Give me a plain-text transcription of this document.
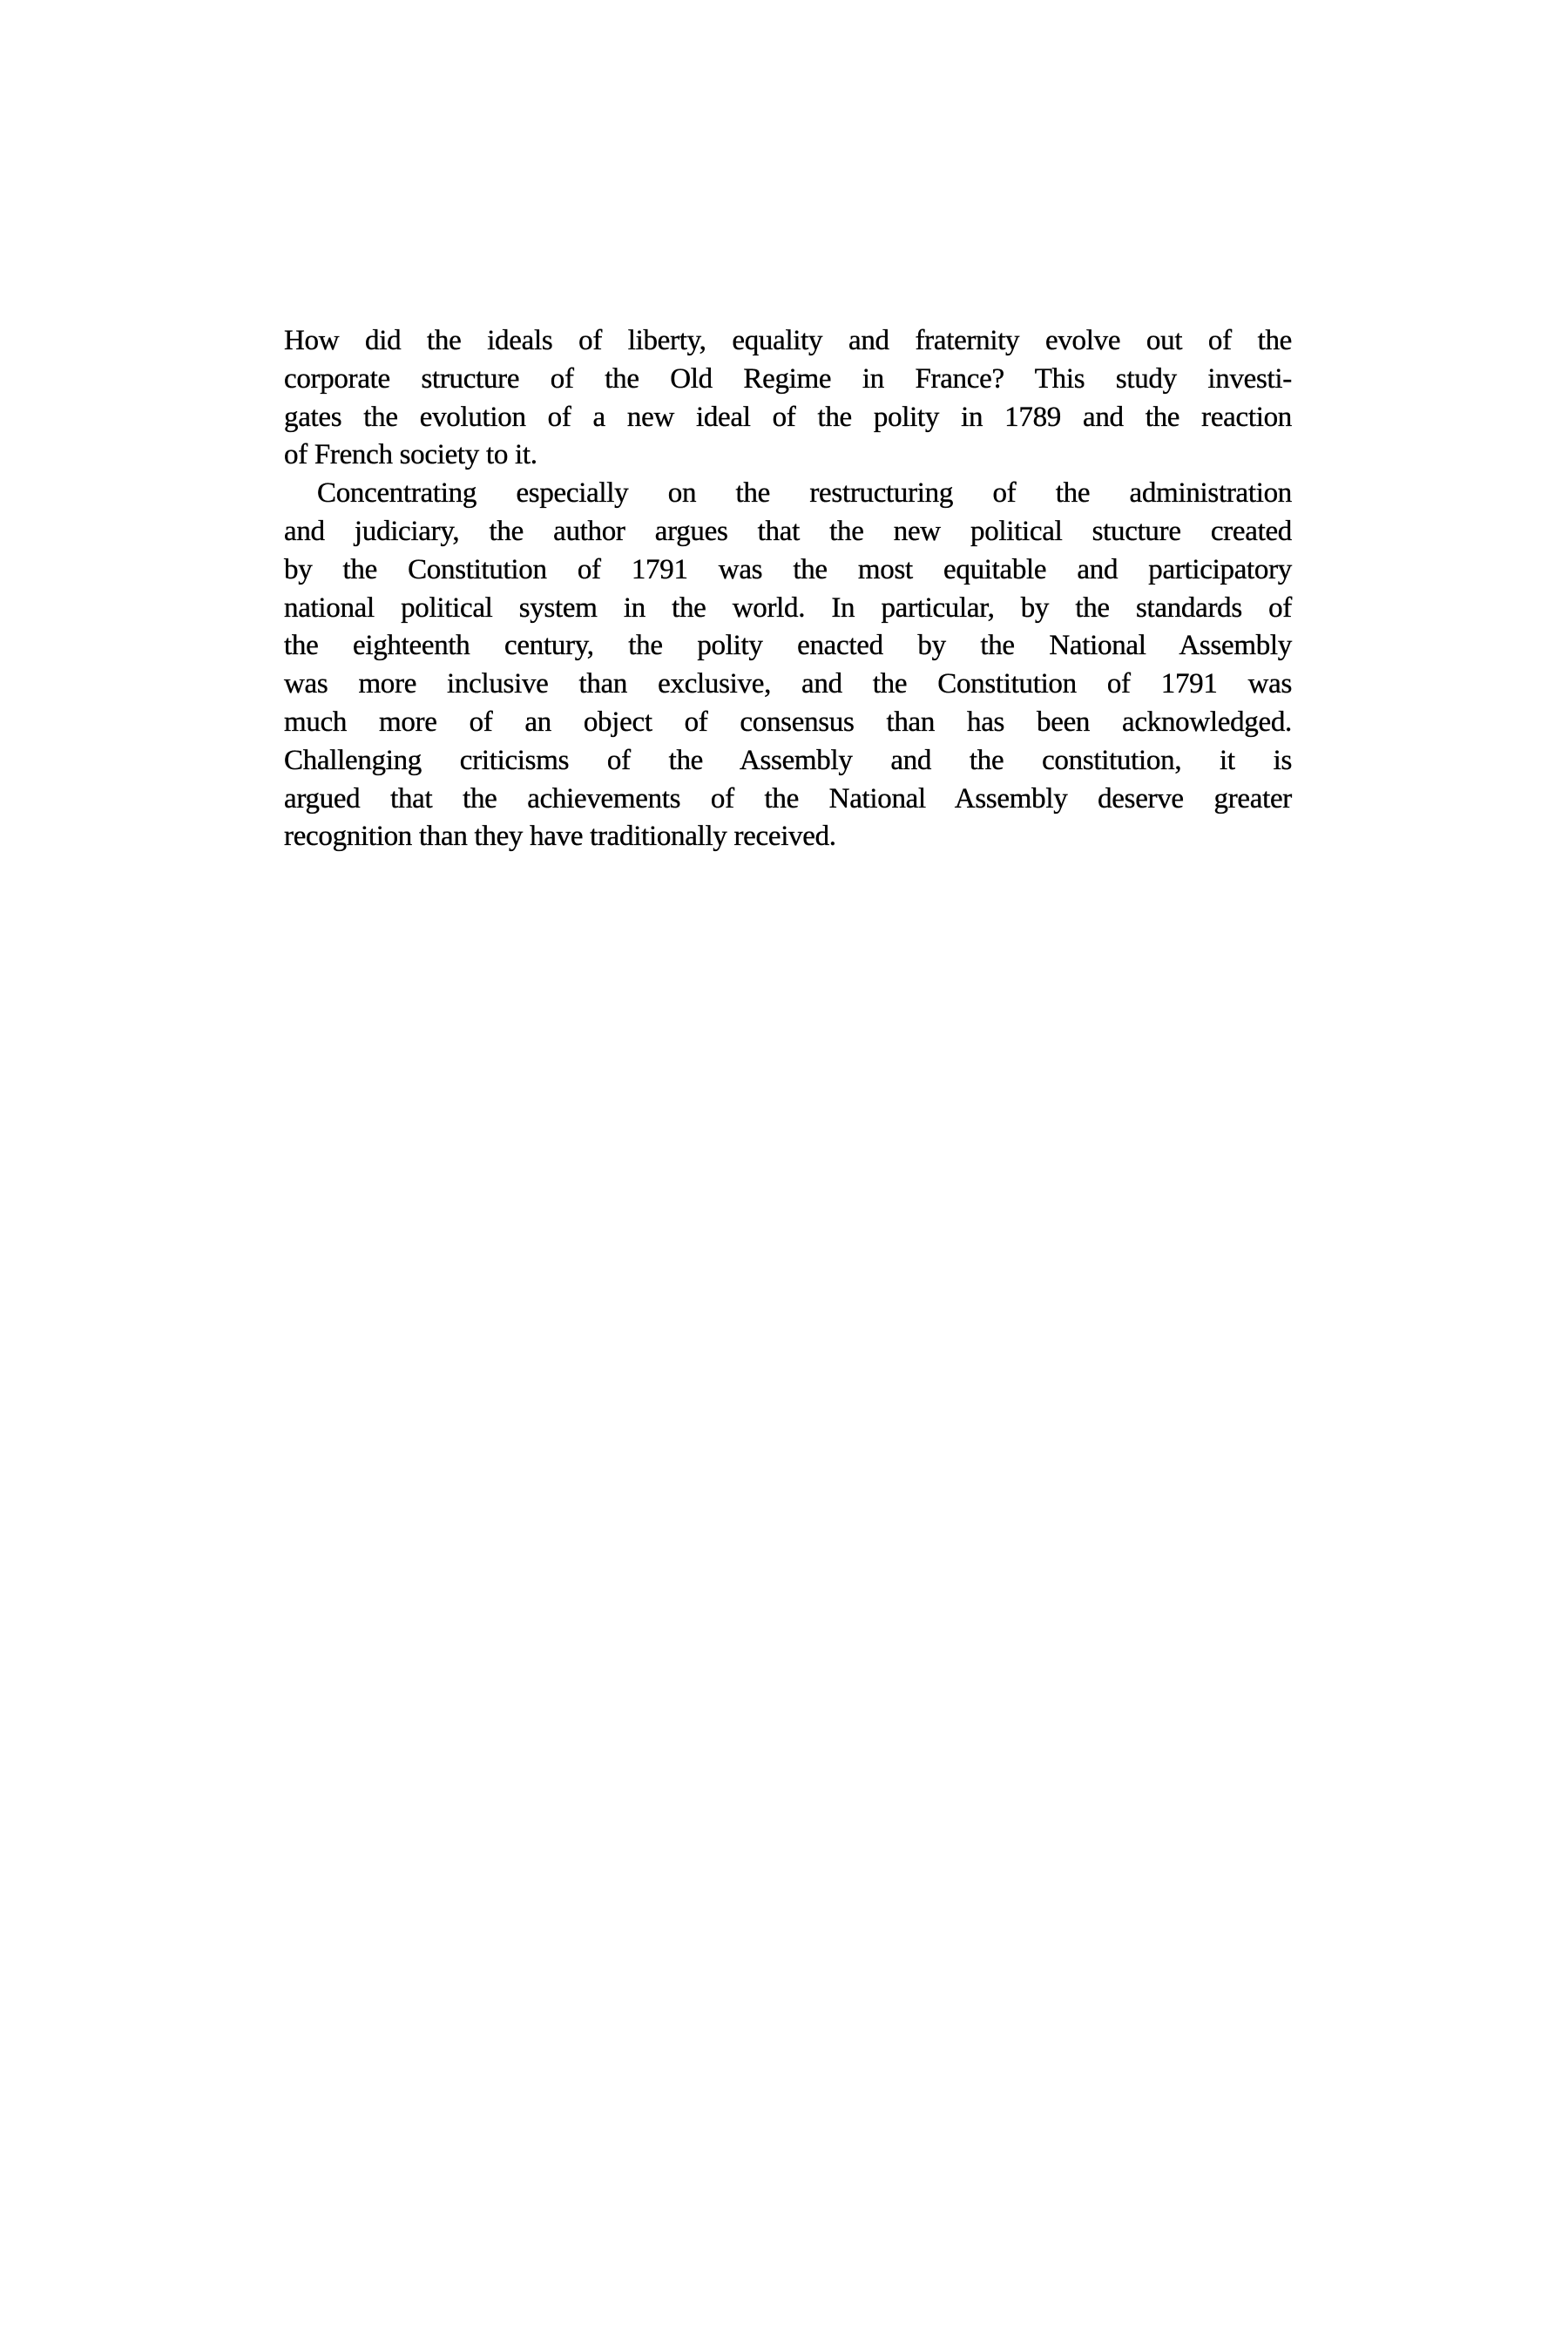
How did the ideals of liberty, equality and fraternity evolve out of the
corporate structure of the Old Regime in France? This study investi-
gates the evolution of a new ideal of the polity in 1789 and the reaction
of French society to it.
Concentrating especially on the restructuring of the administration
and judiciary, the author argues that the new political stucture created
by the Constitution of 1791 was the most equitable and participatory
national political system in the world. In particular, by the standards of
the eighteenth century, the polity enacted by the National Assembly
was more inclusive than exclusive, and the Constitution of 1791 was
much more of an object of consensus than has been acknowledged.
Challenging criticisms of the Assembly and the constitution, it is
argued that the achievements of the National Assembly deserve greater
recognition than they have traditionally received.
